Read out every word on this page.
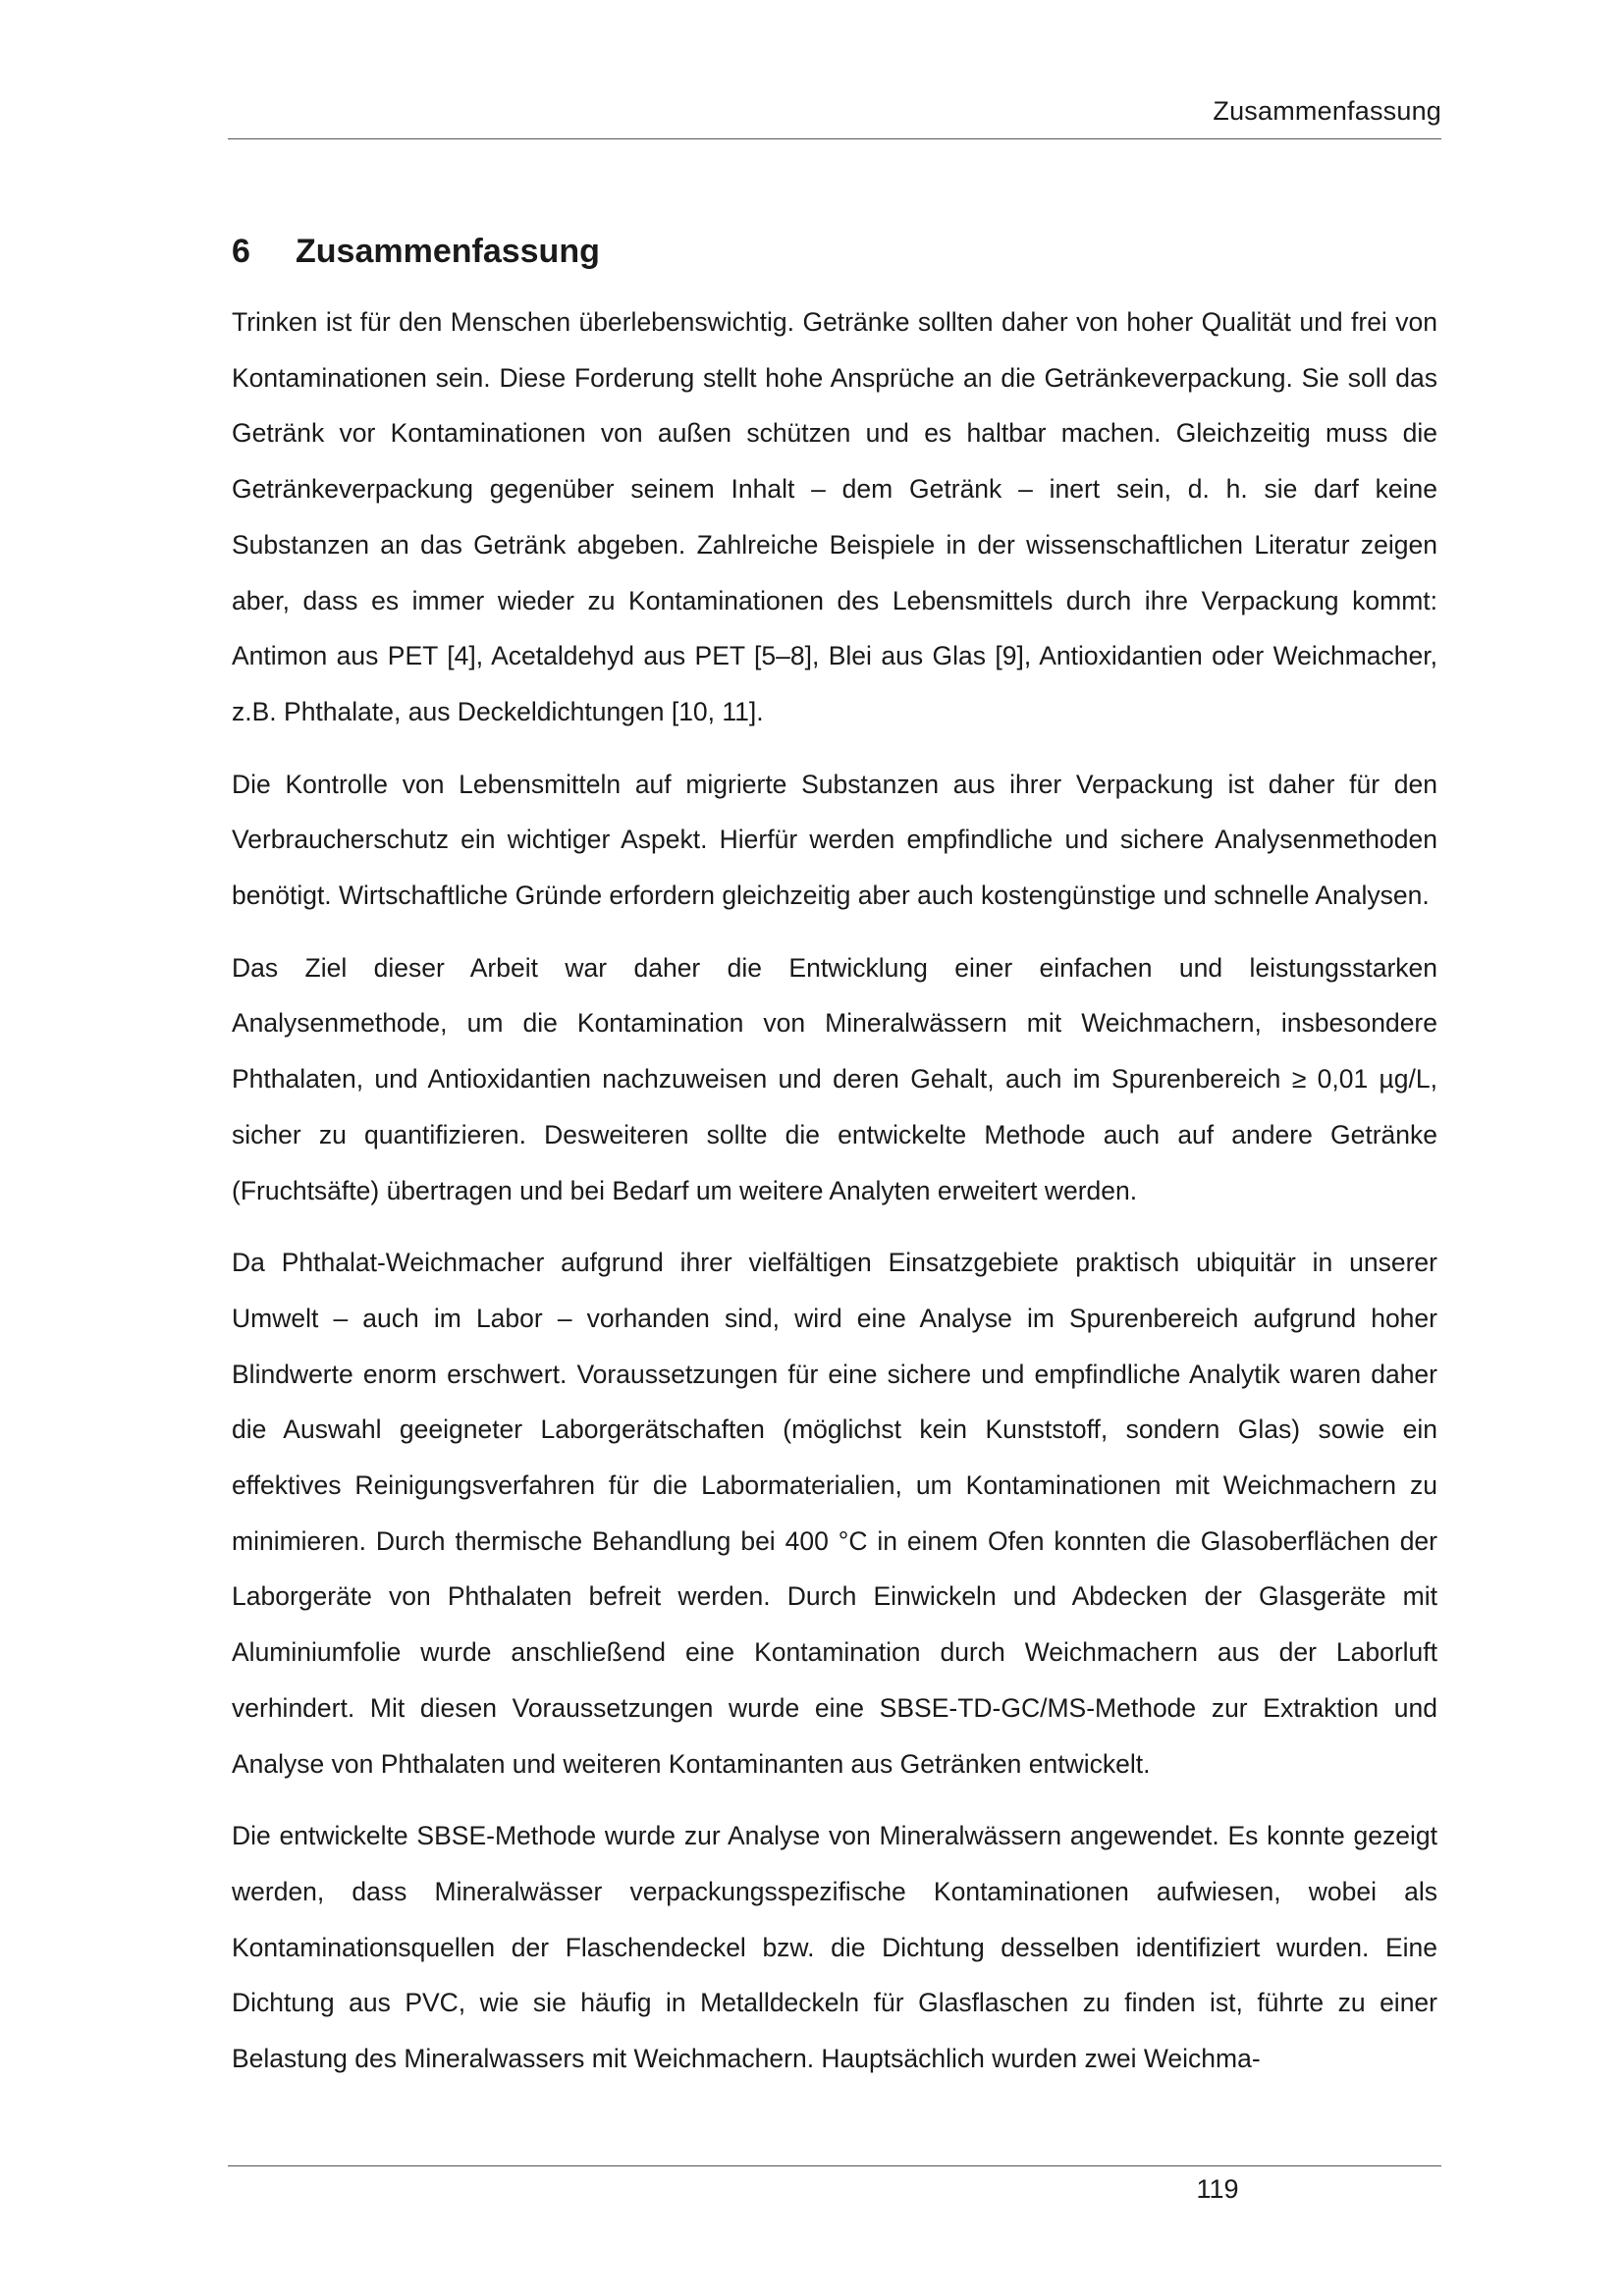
Zusammenfassung
6	Zusammenfassung

Trinken ist für den Menschen überlebenswichtig. Getränke sollten daher von hoher Qualität und frei von Kontaminationen sein. Diese Forderung stellt hohe Ansprüche an die Getränkeverpackung. Sie soll das Getränk vor Kontaminationen von außen schützen und es haltbar machen. Gleichzeitig muss die Getränkeverpackung gegenüber seinem Inhalt – dem Getränk – inert sein, d. h. sie darf keine Substanzen an das Getränk abgeben. Zahlreiche Beispiele in der wissenschaftlichen Literatur zeigen aber, dass es immer wieder zu Kontaminationen des Lebensmittels durch ihre Verpackung kommt: Antimon aus PET [4], Acetaldehyd aus PET [5–8], Blei aus Glas [9], Antioxidantien oder Weichmacher, z.B. Phthalate, aus Deckeldichtungen [10, 11].

Die Kontrolle von Lebensmitteln auf migrierte Substanzen aus ihrer Verpackung ist daher für den Verbraucherschutz ein wichtiger Aspekt. Hierfür werden empfindliche und sichere Analysenmethoden benötigt. Wirtschaftliche Gründe erfordern gleichzeitig aber auch kostengünstige und schnelle Analysen.

Das Ziel dieser Arbeit war daher die Entwicklung einer einfachen und leistungsstarken Analysenmethode, um die Kontamination von Mineralwässern mit Weichmachern, insbesondere Phthalaten, und Antioxidantien nachzuweisen und deren Gehalt, auch im Spurenbereich ≥ 0,01 µg/L, sicher zu quantifizieren. Desweiteren sollte die entwickelte Methode auch auf andere Getränke (Fruchtsäfte) übertragen und bei Bedarf um weitere Analyten erweitert werden.

Da Phthalat-Weichmacher aufgrund ihrer vielfältigen Einsatzgebiete praktisch ubiquitär in unserer Umwelt – auch im Labor – vorhanden sind, wird eine Analyse im Spurenbereich aufgrund hoher Blindwerte enorm erschwert. Voraussetzungen für eine sichere und empfindliche Analytik waren daher die Auswahl geeigneter Laborgerätschaften (möglichst kein Kunststoff, sondern Glas) sowie ein effektives Reinigungsverfahren für die Labormaterialien, um Kontaminationen mit Weichmachern zu minimieren. Durch thermische Behandlung bei 400 °C in einem Ofen konnten die Glasoberflächen der Laborgeräte von Phthalaten befreit werden. Durch Einwickeln und Abdecken der Glasgeräte mit Aluminiumfolie wurde anschließend eine Kontamination durch Weichmachern aus der Laborluft verhindert. Mit diesen Voraussetzungen wurde eine SBSE-TD-GC/MS-Methode zur Extraktion und Analyse von Phthalaten und weiteren Kontaminanten aus Getränken entwickelt.

Die entwickelte SBSE-Methode wurde zur Analyse von Mineralwässern angewendet. Es konnte gezeigt werden, dass Mineralwässer verpackungsspezifische Kontaminationen aufwiesen, wobei als Kontaminationsquellen der Flaschendeckel bzw. die Dichtung desselben identifiziert wurden. Eine Dichtung aus PVC, wie sie häufig in Metalldeckeln für Glasflaschen zu finden ist, führte zu einer Belastung des Mineralwassers mit Weichmachern. Hauptsächlich wurden zwei Weichma-

119
